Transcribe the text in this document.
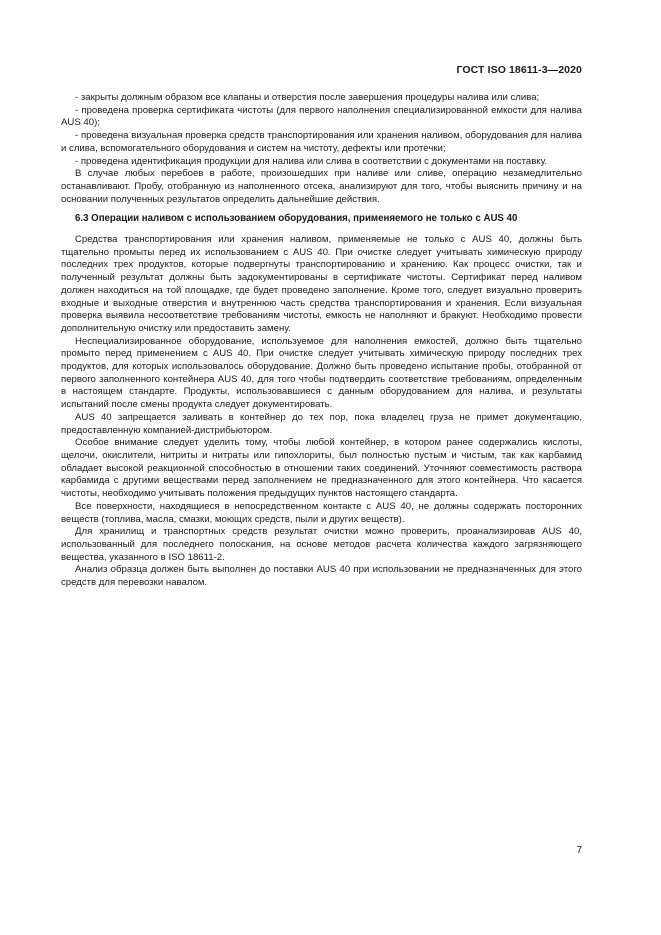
ГОСТ ISO 18611-3—2020

- закрыты должным образом все клапаны и отверстия после завершения процедуры налива или слива;

- проведена проверка сертификата чистоты (для первого наполнения специализированной емкости для налива AUS 40);

- проведена визуальная проверка средств транспортирования или хранения наливом, оборудования для налива и слива, вспомогательного оборудования и систем на чистоту, дефекты или протечки;

- проведена идентификация продукции для налива или слива в соответствии с документами на поставку.

В случае любых перебоев в работе, произошедших при наливе или сливе, операцию незамедлительно останавливают. Пробу, отобранную из наполненного отсека, анализируют для того, чтобы выяснить причину и на основании полученных результатов определить дальнейшие действия.

6.3 Операции наливом с использованием оборудования, применяемого не только с AUS 40

Средства транспортирования или хранения наливом, применяемые не только с AUS 40, должны быть тщательно промыты перед их использованием с AUS 40. При очистке следует учитывать химическую природу последних трех продуктов, которые подвергнуты транспортированию и хранению. Как процесс очистки, так и полученный результат должны быть задокументированы в сертификате чистоты. Сертификат перед наливом должен находиться на той площадке, где будет проведено заполнение. Кроме того, следует визуально проверить входные и выходные отверстия и внутреннюю часть средства транспортирования и хранения. Если визуальная проверка выявила несоответствие требованиям чистоты, емкость не наполняют и бракуют. Необходимо провести дополнительную очистку или предоставить замену.

Неспециализированное оборудование, используемое для наполнения емкостей, должно быть тщательно промыто перед применением с AUS 40. При очистке следует учитывать химическую природу последних трех продуктов, для которых использовалось оборудование. Должно быть проведено испытание пробы, отобранной от первого заполненного контейнера AUS 40, для того чтобы подтвердить соответствие требованиям, определенным в настоящем стандарте. Продукты, использовавшиеся с данным оборудованием для налива, и результаты испытаний после смены продукта следует документировать.

AUS 40 запрещается заливать в контейнер до тех пор, пока владелец груза не примет документацию, предоставленную компанией-дистрибьютором.

Особое внимание следует уделить тому, чтобы любой контейнер, в котором ранее содержались кислоты, щелочи, окислители, нитриты и нитраты или гипохлориты, был полностью пустым и чистым, так как карбамид обладает высокой реакционной способностью в отношении таких соединений. Уточняют совместимость раствора карбамида с другими веществами перед заполнением не предназначенного для этого контейнера. Что касается чистоты, необходимо учитывать положения предыдущих пунктов настоящего стандарта.

Все поверхности, находящиеся в непосредственном контакте с AUS 40, не должны содержать посторонних веществ (топлива, масла, смазки, моющих средств, пыли и других веществ).

Для хранилищ и транспортных средств результат очистки можно проверить, проанализировав AUS 40, использованный для последнего полоскания, на основе методов расчета количества каждого загрязняющего вещества, указанного в ISO 18611-2.

Анализ образца должен быть выполнен до поставки AUS 40 при использовании не предназначенных для этого средств для перевозки навалом.

7
